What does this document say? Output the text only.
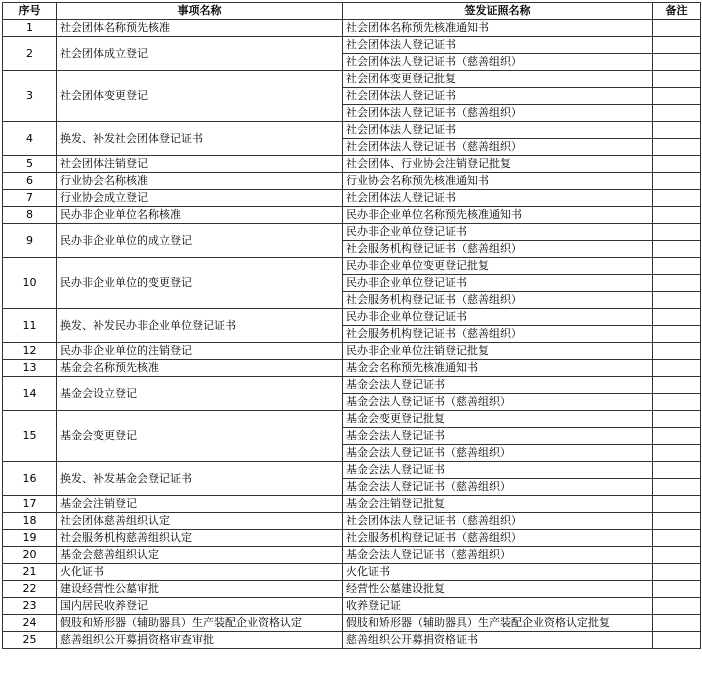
序号	事项名称	签发证照名称	备注
1	社会团体名称预先核准	社会团体名称预先核准通知书	
2	社会团体成立登记	社会团体法人登记证书	
		社会团体法人登记证书（慈善组织）	
3	社会团体变更登记	社会团体变更登记批复	
		社会团体法人登记证书	
		社会团体法人登记证书（慈善组织）	
4	换发、补发社会团体登记证书	社会团体法人登记证书	
		社会团体法人登记证书（慈善组织）	
5	社会团体注销登记	社会团体、行业协会注销登记批复	
6	行业协会名称核准	行业协会名称预先核准通知书	
7	行业协会成立登记	社会团体法人登记证书	
8	民办非企业单位名称核准	民办非企业单位名称预先核准通知书	
9	民办非企业单位的成立登记	民办非企业单位登记证书	
		社会服务机构登记证书（慈善组织）	
10	民办非企业单位的变更登记	民办非企业单位变更登记批复	
		民办非企业单位登记证书	
		社会服务机构登记证书（慈善组织）	
11	换发、补发民办非企业单位登记证书	民办非企业单位登记证书	
		社会服务机构登记证书（慈善组织）	
12	民办非企业单位的注销登记	民办非企业单位注销登记批复	
13	基金会名称预先核准	基金会名称预先核准通知书	
14	基金会设立登记	基金会法人登记证书	
		基金会法人登记证书（慈善组织）	
15	基金会变更登记	基金会变更登记批复	
		基金会法人登记证书	
		基金会法人登记证书（慈善组织）	
16	换发、补发基金会登记证书	基金会法人登记证书	
		基金会法人登记证书（慈善组织）	
17	基金会注销登记	基金会注销登记批复	
18	社会团体慈善组织认定	社会团体法人登记证书（慈善组织）	
19	社会服务机构慈善组织认定	社会服务机构登记证书（慈善组织）	
20	基金会慈善组织认定	基金会法人登记证书（慈善组织）	
21	火化证书	火化证书	
22	建设经营性公墓审批	经营性公墓建设批复	
23	国内居民收养登记	收养登记证	
24	假肢和矫形器（辅助器具）生产装配企业资格认定	假肢和矫形器（辅助器具）生产装配企业资格认定批复	
25	慈善组织公开募捐资格审查审批	慈善组织公开募捐资格证书	
